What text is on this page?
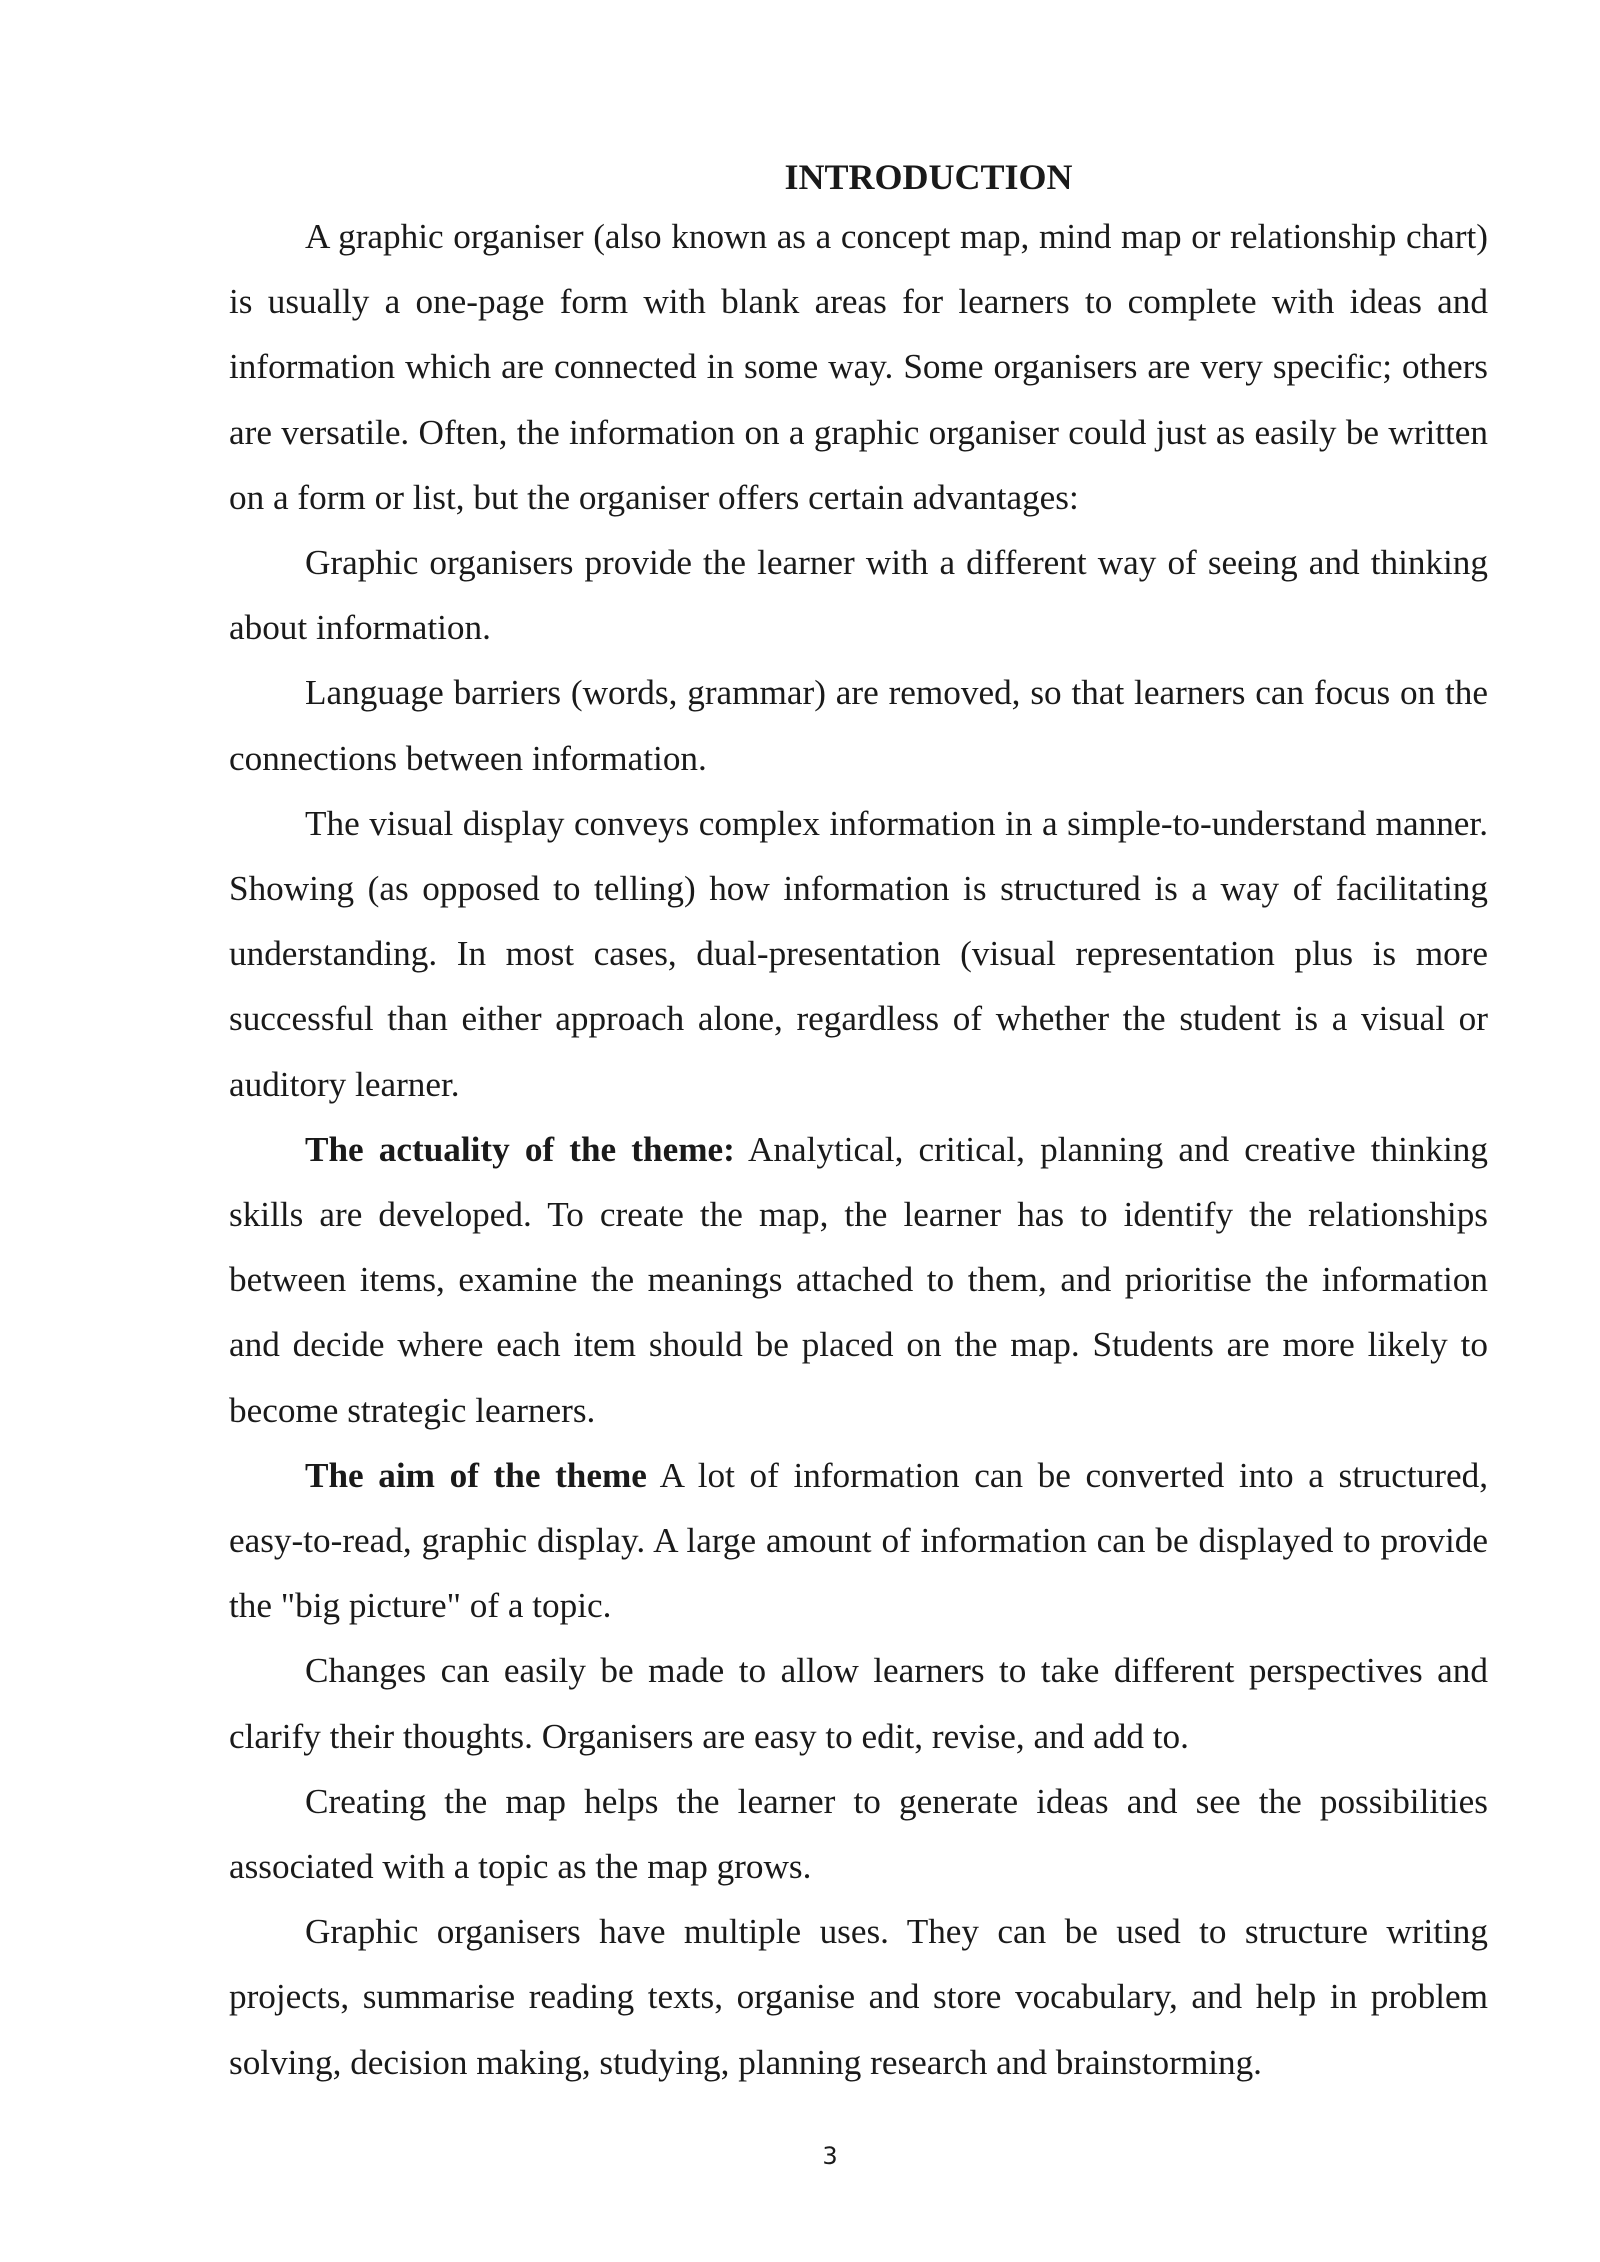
INTRODUCTION

A graphic organiser (also known as a concept map, mind map or relationship chart) is usually a one-page form with blank areas for learners to complete with ideas and information which are connected in some way. Some organisers are very specific; others are versatile. Often, the information on a graphic organiser could just as easily be written on a form or list, but the organiser offers certain advantages:

Graphic organisers provide the learner with a different way of seeing and thinking about information.

Language barriers (words, grammar) are removed, so that learners can focus on the connections between information.

The visual display conveys complex information in a simple-to-understand manner. Showing (as opposed to telling) how information is structured is a way of facilitating understanding. In most cases, dual-presentation (visual representation plus is more successful than either approach alone, regardless of whether the student is a visual or auditory learner.

The actuality of the theme: Analytical, critical, planning and creative thinking skills are developed. To create the map, the learner has to identify the relationships between items, examine the meanings attached to them, and prioritise the information and decide where each item should be placed on the map. Students are more likely to become strategic learners.

The aim of the theme A lot of information can be converted into a structured, easy-to-read, graphic display. A large amount of information can be displayed to provide the "big picture" of a topic.

Changes can easily be made to allow learners to take different perspectives and clarify their thoughts. Organisers are easy to edit, revise, and add to.

Creating the map helps the learner to generate ideas and see the possibilities associated with a topic as the map grows.

Graphic organisers have multiple uses. They can be used to structure writing projects, summarise reading texts, organise and store vocabulary, and help in problem solving, decision making, studying, planning research and brainstorming.

3
